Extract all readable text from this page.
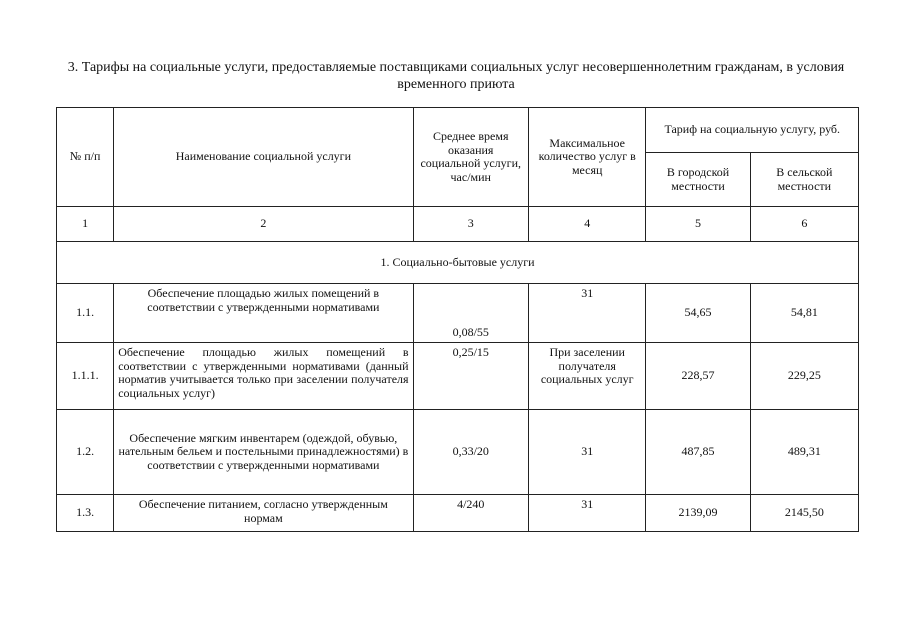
3. Тарифы на социальные услуги, предоставляемые поставщиками социальных услуг несовершеннолетним гражданам, в условия временного приюта
№ п/п	Наименование социальной услуги	Среднее время оказания социальной услуги, час/мин	Максимальное количество услуг в месяц	Тариф на социальную услугу, руб.	
				В городской местности	В сельской местности
1	2	3	4	5	6
1. Социально-бытовые услуги					
1.1.	Обеспечение площадью жилых помещений в соответствии с утвержденными нормативами	0,08/55	31	54,65	54,81
1.1.1.	Обеспечение площадью жилых помещений в соответствии с утвержденными нормативами (данный норматив учитывается только при заселении получателя социальных услуг)	0,25/15	При заселении получателя социальных услуг	228,57	229,25
1.2.	Обеспечение мягким инвентарем (одеждой, обувью, нательным бельем и постельными принадлежностями) в соответствии с утвержденными нормативами	0,33/20	31	487,85	489,31
1.3.	Обеспечение питанием, согласно утвержденным нормам	4/240	31	2139,09	2145,50
